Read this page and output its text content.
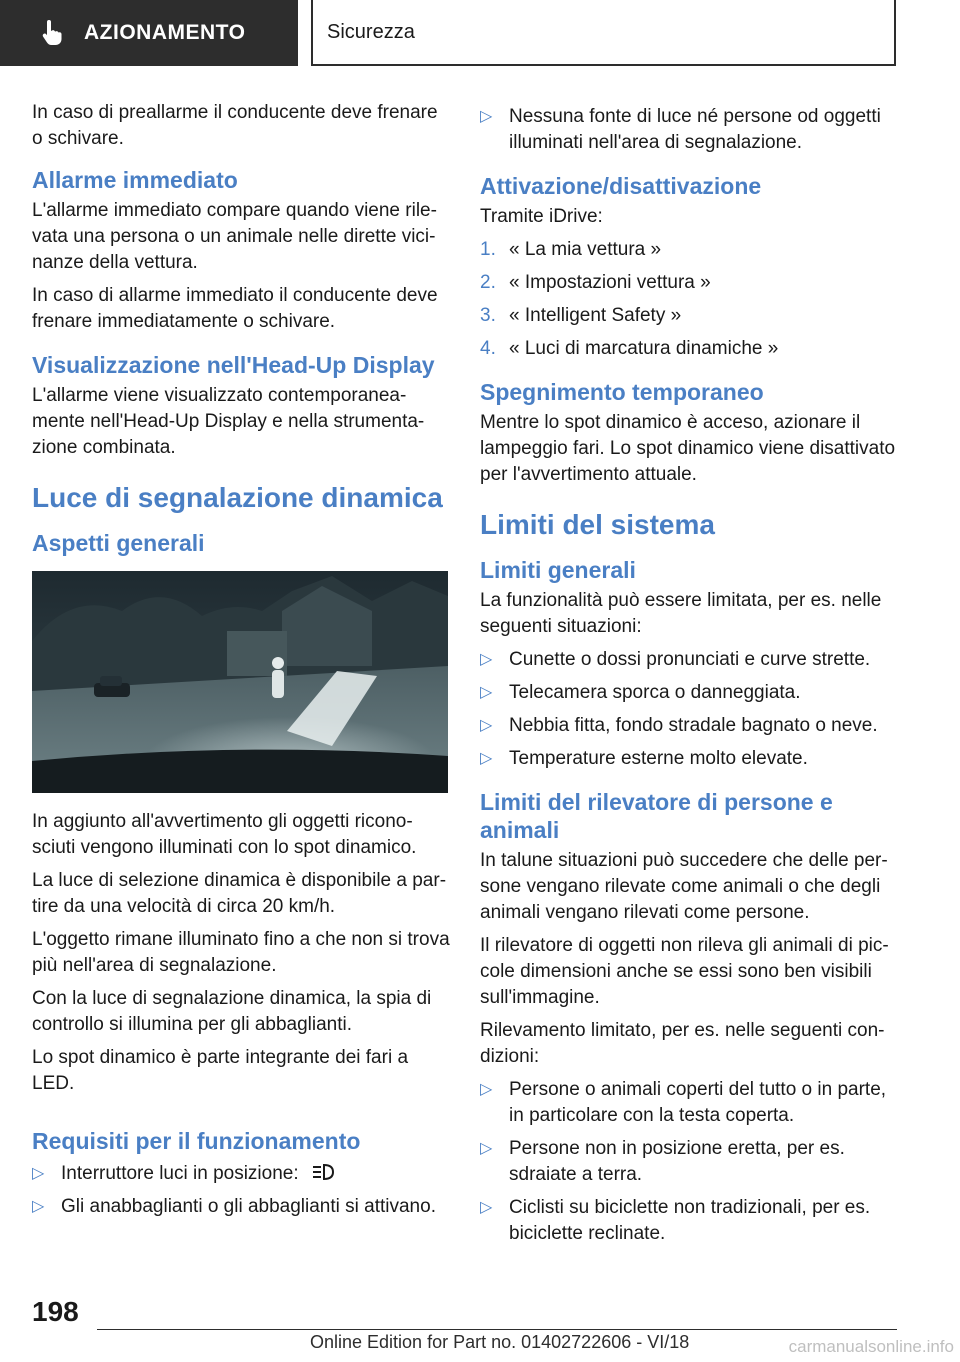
AZIONAMENTO	Sicurezza

In caso di preallarme il conducente deve frenare o schivare.

Allarme immediato

L'allarme immediato compare quando viene rile-vata una persona o un animale nelle dirette vici-nanze della vettura.

In caso di allarme immediato il conducente deve frenare immediatamente o schivare.

Visualizzazione nell'Head-Up Display

L'allarme viene visualizzato contemporanea-mente nell'Head-Up Display e nella strumenta-zione combinata.

Luce di segnalazione dinamica
Aspetti generali

In aggiunto all'avvertimento gli oggetti ricono-sciuti vengono illuminati con lo spot dinamico.

La luce di selezione dinamica è disponibile a par-tire da una velocità di circa 20 km/h.

L'oggetto rimane illuminato fino a che non si trova più nell'area di segnalazione.

Con la luce di segnalazione dinamica, la spia di controllo si illumina per gli abbaglianti.

Lo spot dinamico è parte integrante dei fari a LED.

Requisiti per il funzionamento
▷ Interruttore luci in posizione:
▷ Gli anabbaglianti o gli abbaglianti si attivano.
▷ Nessuna fonte di luce né persone od oggetti illuminati nell'area di segnalazione.
Attivazione/disattivazione

Tramite iDrive:

1. « La mia vettura »
2. « Impostazioni vettura »
3. « Intelligent Safety »
4. « Luci di marcatura dinamiche »
Spegnimento temporaneo

Mentre lo spot dinamico è acceso, azionare il lampeggio fari. Lo spot dinamico viene disattivato per l'avvertimento attuale.

Limiti del sistema
Limiti generali

La funzionalità può essere limitata, per es. nelle seguenti situazioni:

▷ Cunette o dossi pronunciati e curve strette.
▷ Telecamera sporca o danneggiata.
▷ Nebbia fitta, fondo stradale bagnato o neve.
▷ Temperature esterne molto elevate.
Limiti del rilevatore di persone e animali

In talune situazioni può succedere che delle per-sone vengano rilevate come animali o che degli animali vengano rilevati come persone.

Il rilevatore di oggetti non rileva gli animali di pic-cole dimensioni anche se essi sono ben visibili sull'immagine.

Rilevamento limitato, per es. nelle seguenti con-dizioni:

▷ Persone o animali coperti del tutto o in parte, in particolare con la testa coperta.
▷ Persone non in posizione eretta, per es. sdraiate a terra.
▷ Ciclisti su biciclette non tradizionali, per es. biciclette reclinate.
198
Online Edition for Part no. 01402722606 - VI/18	carmanualsonline.info
